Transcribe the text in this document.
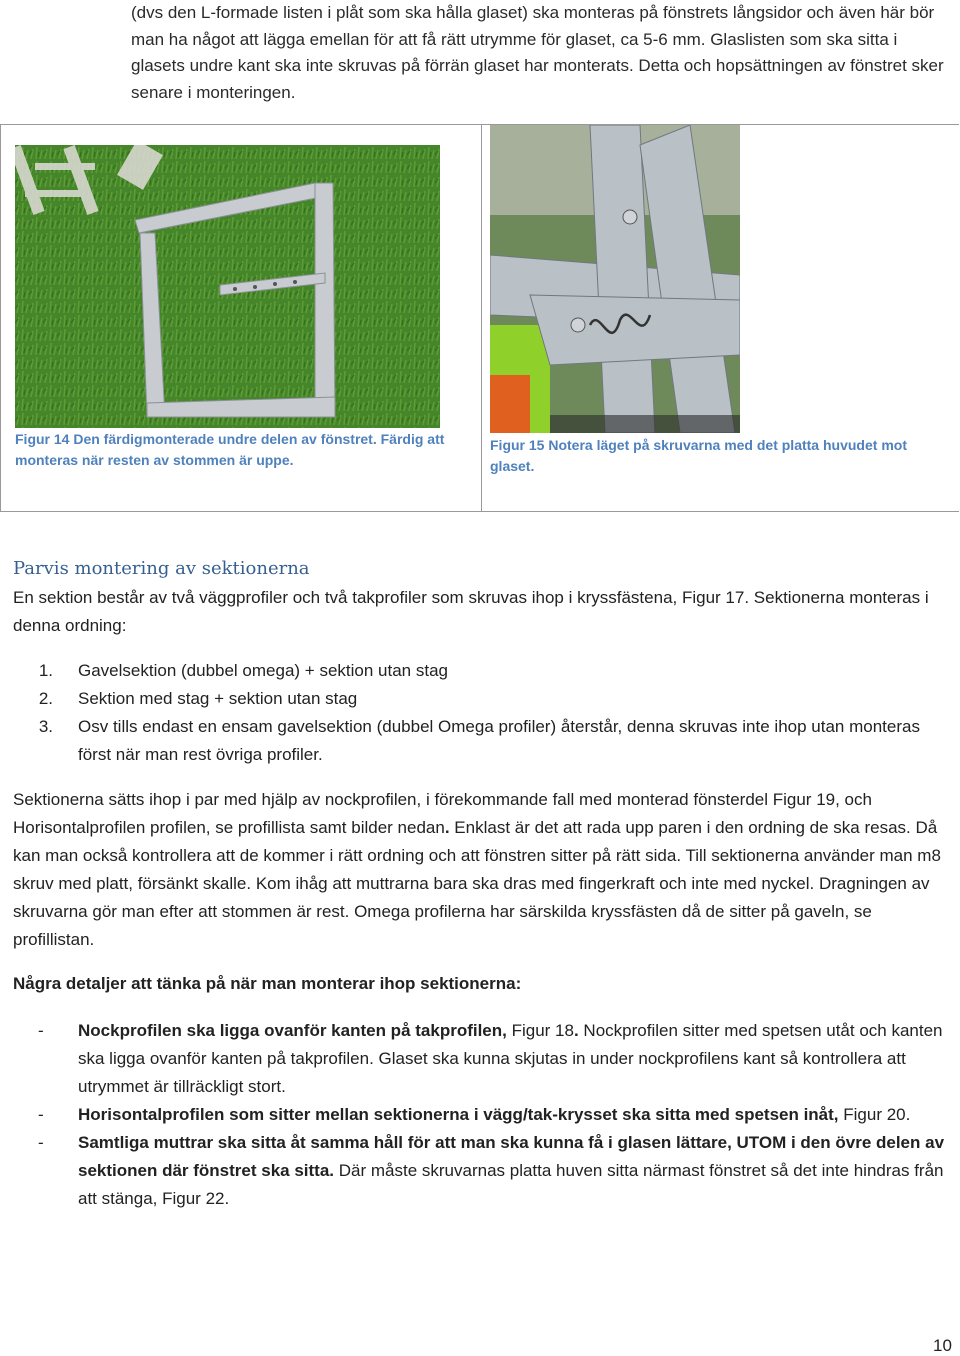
(dvs den L-formade listen i plåt som ska hålla glaset) ska monteras på fönstrets långsidor och även här bör man ha något att lägga emellan för att få rätt utrymme för glaset, ca 5-6 mm. Glaslisten som ska sitta i glasets undre kant ska inte skruvas på förrän glaset har monterats. Detta och hopsättningen av fönstret sker senare i monteringen.
Figur 14 Den färdigmonterade undre delen av fönstret. Färdig att monteras när resten av stommen är uppe.
Figur 15 Notera läget på skruvarna med det platta huvudet mot glaset.
Parvis montering av sektionerna
En sektion består av två väggprofiler och två takprofiler som skruvas ihop i kryssfästena, Figur 17. Sektionerna monteras i denna ordning:
1. Gavelsektion (dubbel omega) + sektion utan stag
2. Sektion med stag + sektion utan stag
3. Osv tills endast en ensam gavelsektion (dubbel Omega profiler) återstår, denna skruvas inte ihop utan monteras först när man rest övriga profiler.
Sektionerna sätts ihop i par med hjälp av nockprofilen, i förekommande fall med monterad fönsterdel Figur 19, och Horisontalprofilen profilen, se profillista samt bilder nedan. Enklast är det att rada upp paren i den ordning de ska resas. Då kan man också kontrollera att de kommer i rätt ordning och att fönstren sitter på rätt sida. Till sektionerna använder man m8 skruv med platt, försänkt skalle. Kom ihåg att muttrarna bara ska dras med fingerkraft och inte med nyckel. Dragningen av skruvarna gör man efter att stommen är rest. Omega profilerna har särskilda kryssfästen då de sitter på gaveln, se profillistan.
Några detaljer att tänka på när man monterar ihop sektionerna:
-	Nockprofilen ska ligga ovanför kanten på takprofilen, Figur 18. Nockprofilen sitter med spetsen utåt och kanten ska ligga ovanför kanten på takprofilen. Glaset ska kunna skjutas in under nockprofilens kant så kontrollera att utrymmet är tillräckligt stort.
-	Horisontalprofilen som sitter mellan sektionerna i vägg/tak-krysset ska sitta med spetsen inåt, Figur 20.
-	Samtliga muttrar ska sitta åt samma håll för att man ska kunna få i glasen lättare, UTOM i den övre delen av sektionen där fönstret ska sitta. Där måste skruvarnas platta huven sitta närmast fönstret så det inte hindras från att stänga, Figur 22.
10
